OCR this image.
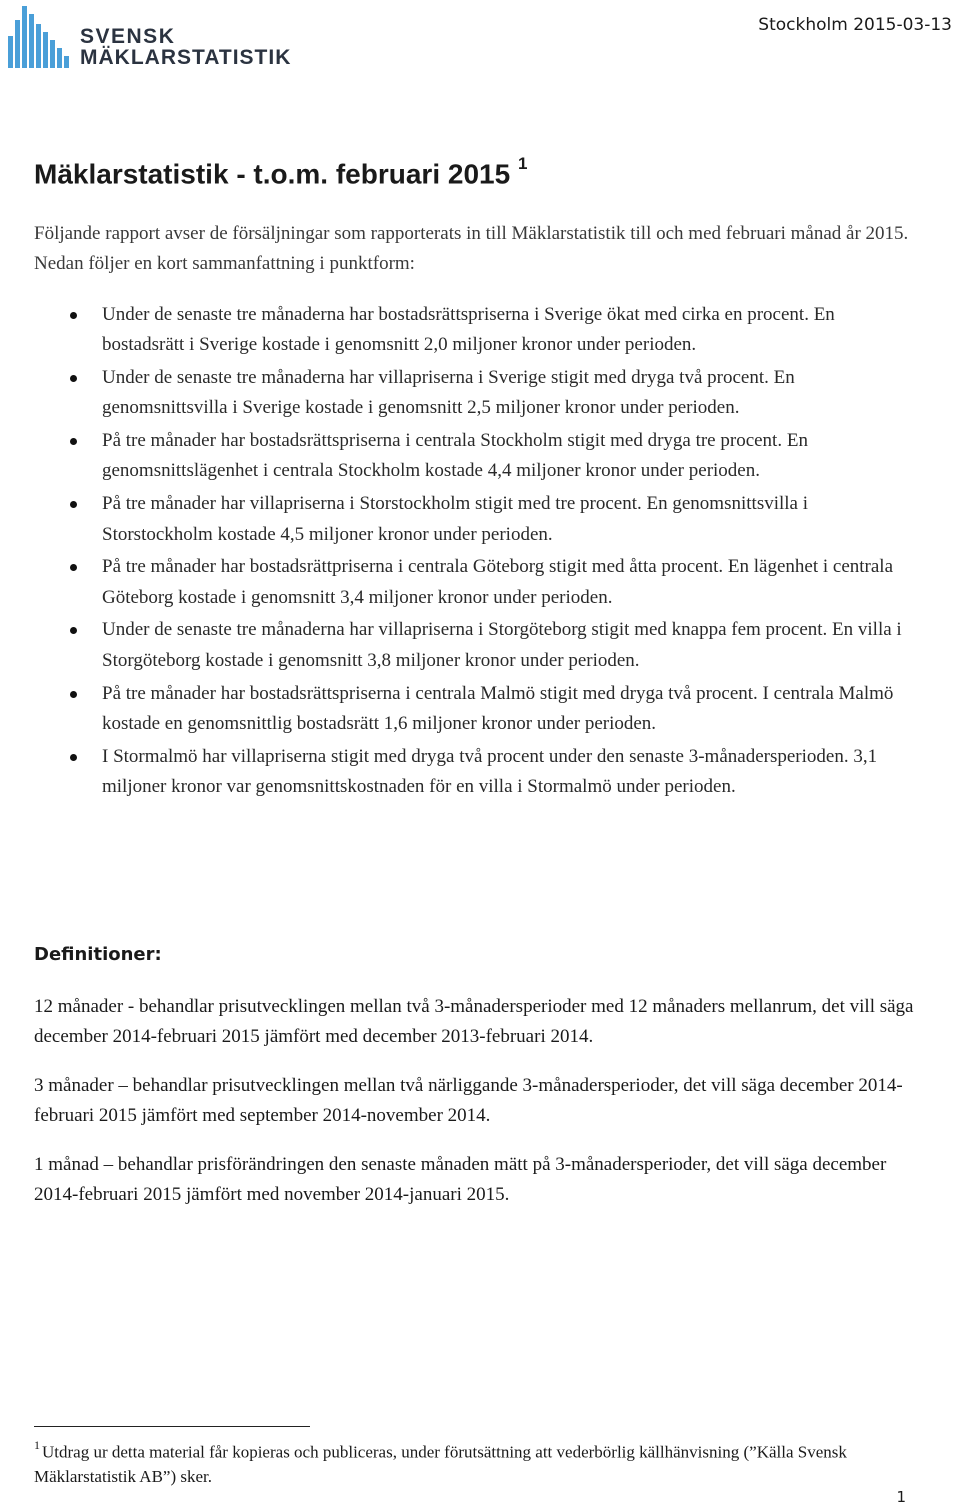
SVENSK
MÄKLARSTATISTIK
Stockholm 2015-03-13
Mäklarstatistik - t.o.m. februari 2015 $^1$

Följande rapport avser de försäljningar som rapporterats in till Mäklarstatistik till och med februari månad år 2015. Nedan följer en kort sammanfattning i punktform:

Under de senaste tre månaderna har bostadsrättspriserna i Sverige ökat med cirka en procent. En bostadsrätt i Sverige kostade i genomsnitt 2,0 miljoner kronor under perioden.
Under de senaste tre månaderna har villapriserna i Sverige stigit med dryga två procent. En genomsnittsvilla i Sverige kostade i genomsnitt 2,5 miljoner kronor under perioden.
På tre månader har bostadsrättspriserna i centrala Stockholm stigit med dryga tre procent. En genomsnittslägenhet i centrala Stockholm kostade 4,4 miljoner kronor under perioden.
På tre månader har villapriserna i Storstockholm stigit med tre procent. En genomsnittsvilla i Storstockholm kostade 4,5 miljoner kronor under perioden.
På tre månader har bostadsrättpriserna i centrala Göteborg stigit med åtta procent. En lägenhet i centrala Göteborg kostade i genomsnitt 3,4 miljoner kronor under perioden.
Under de senaste tre månaderna har villapriserna i Storgöteborg stigit med knappa fem procent. En villa i Storgöteborg kostade i genomsnitt 3,8 miljoner kronor under perioden.
På tre månader har bostadsrättspriserna i centrala Malmö stigit med dryga två procent. I centrala Malmö kostade en genomsnittlig bostadsrätt 1,6 miljoner kronor under perioden.
I Stormalmö har villapriserna stigit med dryga två procent under den senaste 3-månadersperioden. 3,1 miljoner kronor var genomsnittskostnaden för en villa i Stormalmö under perioden.
Definitioner:

12 månader - behandlar prisutvecklingen mellan två 3-månadersperioder med 12 månaders mellanrum, det vill säga december 2014-februari 2015 jämfört med december 2013-februari 2014.

3 månader – behandlar prisutvecklingen mellan två närliggande 3-månadersperioder, det vill säga december 2014-februari 2015 jämfört med september 2014-november 2014.

1 månad – behandlar prisförändringen den senaste månaden mätt på 3-månadersperioder, det vill säga december 2014-februari 2015 jämfört med november 2014-januari 2015.

$^1$ Utdrag ur detta material får kopieras och publiceras, under förutsättning att vederbörlig källhänvisning (”Källa Svensk Mäklarstatistik AB”) sker.

1
